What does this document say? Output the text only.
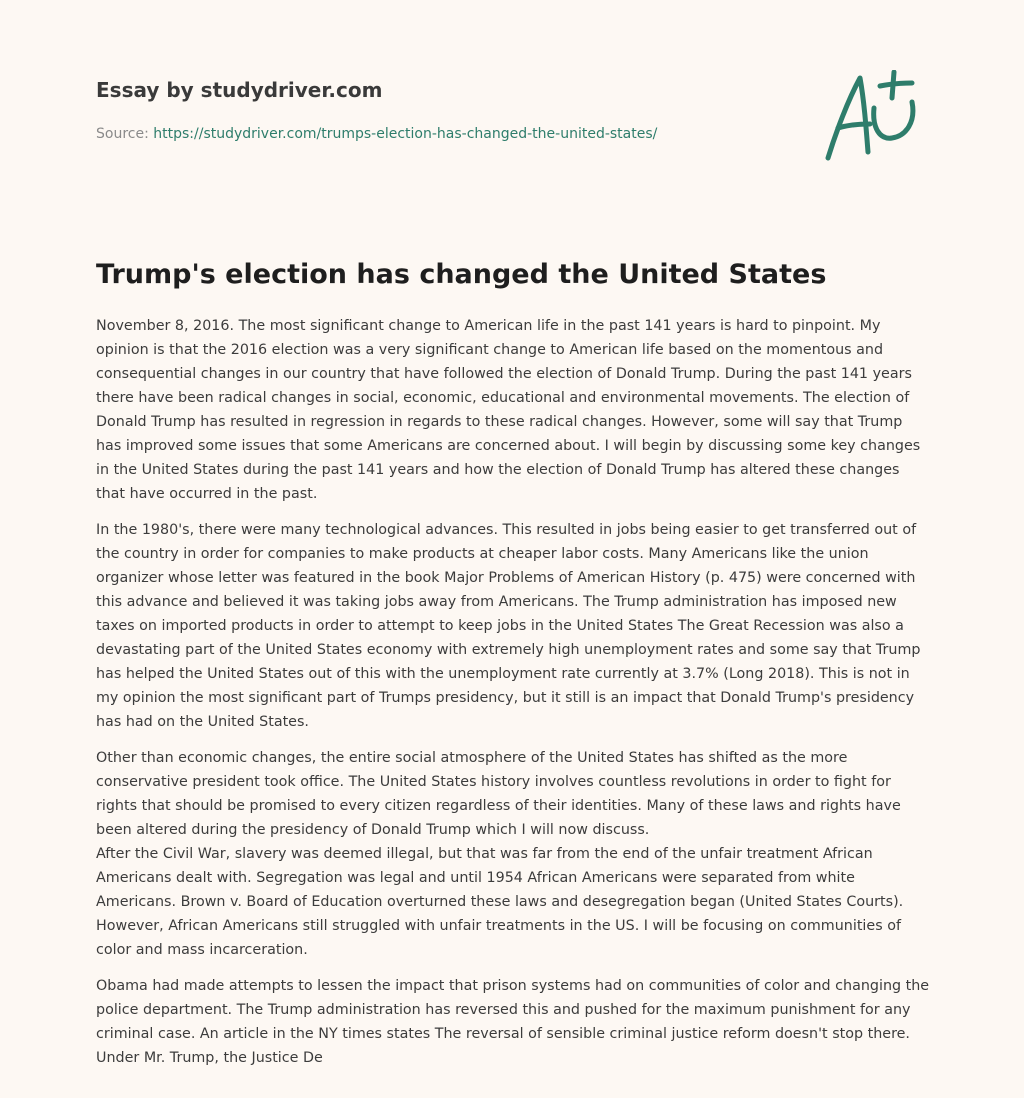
Essay by studydriver.com
Source: https://studydriver.com/trumps-election-has-changed-the-united-states/
Trump's election has changed the United States

November 8, 2016. The most significant change to American life in the past 141 years is hard to pinpoint. My opinion is that the 2016 election was a very significant change to American life based on the momentous and consequential changes in our country that have followed the election of Donald Trump. During the past 141 years there have been radical changes in social, economic, educational and environmental movements. The election of Donald Trump has resulted in regression in regards to these radical changes. However, some will say that Trump has improved some issues that some Americans are concerned about. I will begin by discussing some key changes in the United States during the past 141 years and how the election of Donald Trump has altered these changes that have occurred in the past.

In the 1980's, there were many technological advances. This resulted in jobs being easier to get transferred out of the country in order for companies to make products at cheaper labor costs. Many Americans like the union organizer whose letter was featured in the book Major Problems of American History (p. 475) were concerned with this advance and believed it was taking jobs away from Americans. The Trump administration has imposed new taxes on imported products in order to attempt to keep jobs in the United States The Great Recession was also a devastating part of the United States economy with extremely high unemployment rates and some say that Trump has helped the United States out of this with the unemployment rate currently at 3.7% (Long 2018). This is not in my opinion the most significant part of Trumps presidency, but it still is an impact that Donald Trump's presidency has had on the United States.

Other than economic changes, the entire social atmosphere of the United States has shifted as the more conservative president took office. The United States history involves countless revolutions in order to fight for rights that should be promised to every citizen regardless of their identities. Many of these laws and rights have been altered during the presidency of Donald Trump which I will now discuss.

After the Civil War, slavery was deemed illegal, but that was far from the end of the unfair treatment African Americans dealt with. Segregation was legal and until 1954 African Americans were separated from white Americans. Brown v. Board of Education overturned these laws and desegregation began (United States Courts). However, African Americans still struggled with unfair treatments in the US. I will be focusing on communities of color and mass incarceration.

Obama had made attempts to lessen the impact that prison systems had on communities of color and changing the police department. The Trump administration has reversed this and pushed for the maximum punishment for any criminal case. An article in the NY times states The reversal of sensible criminal justice reform doesn't stop there. Under Mr. Trump, the Justice De
